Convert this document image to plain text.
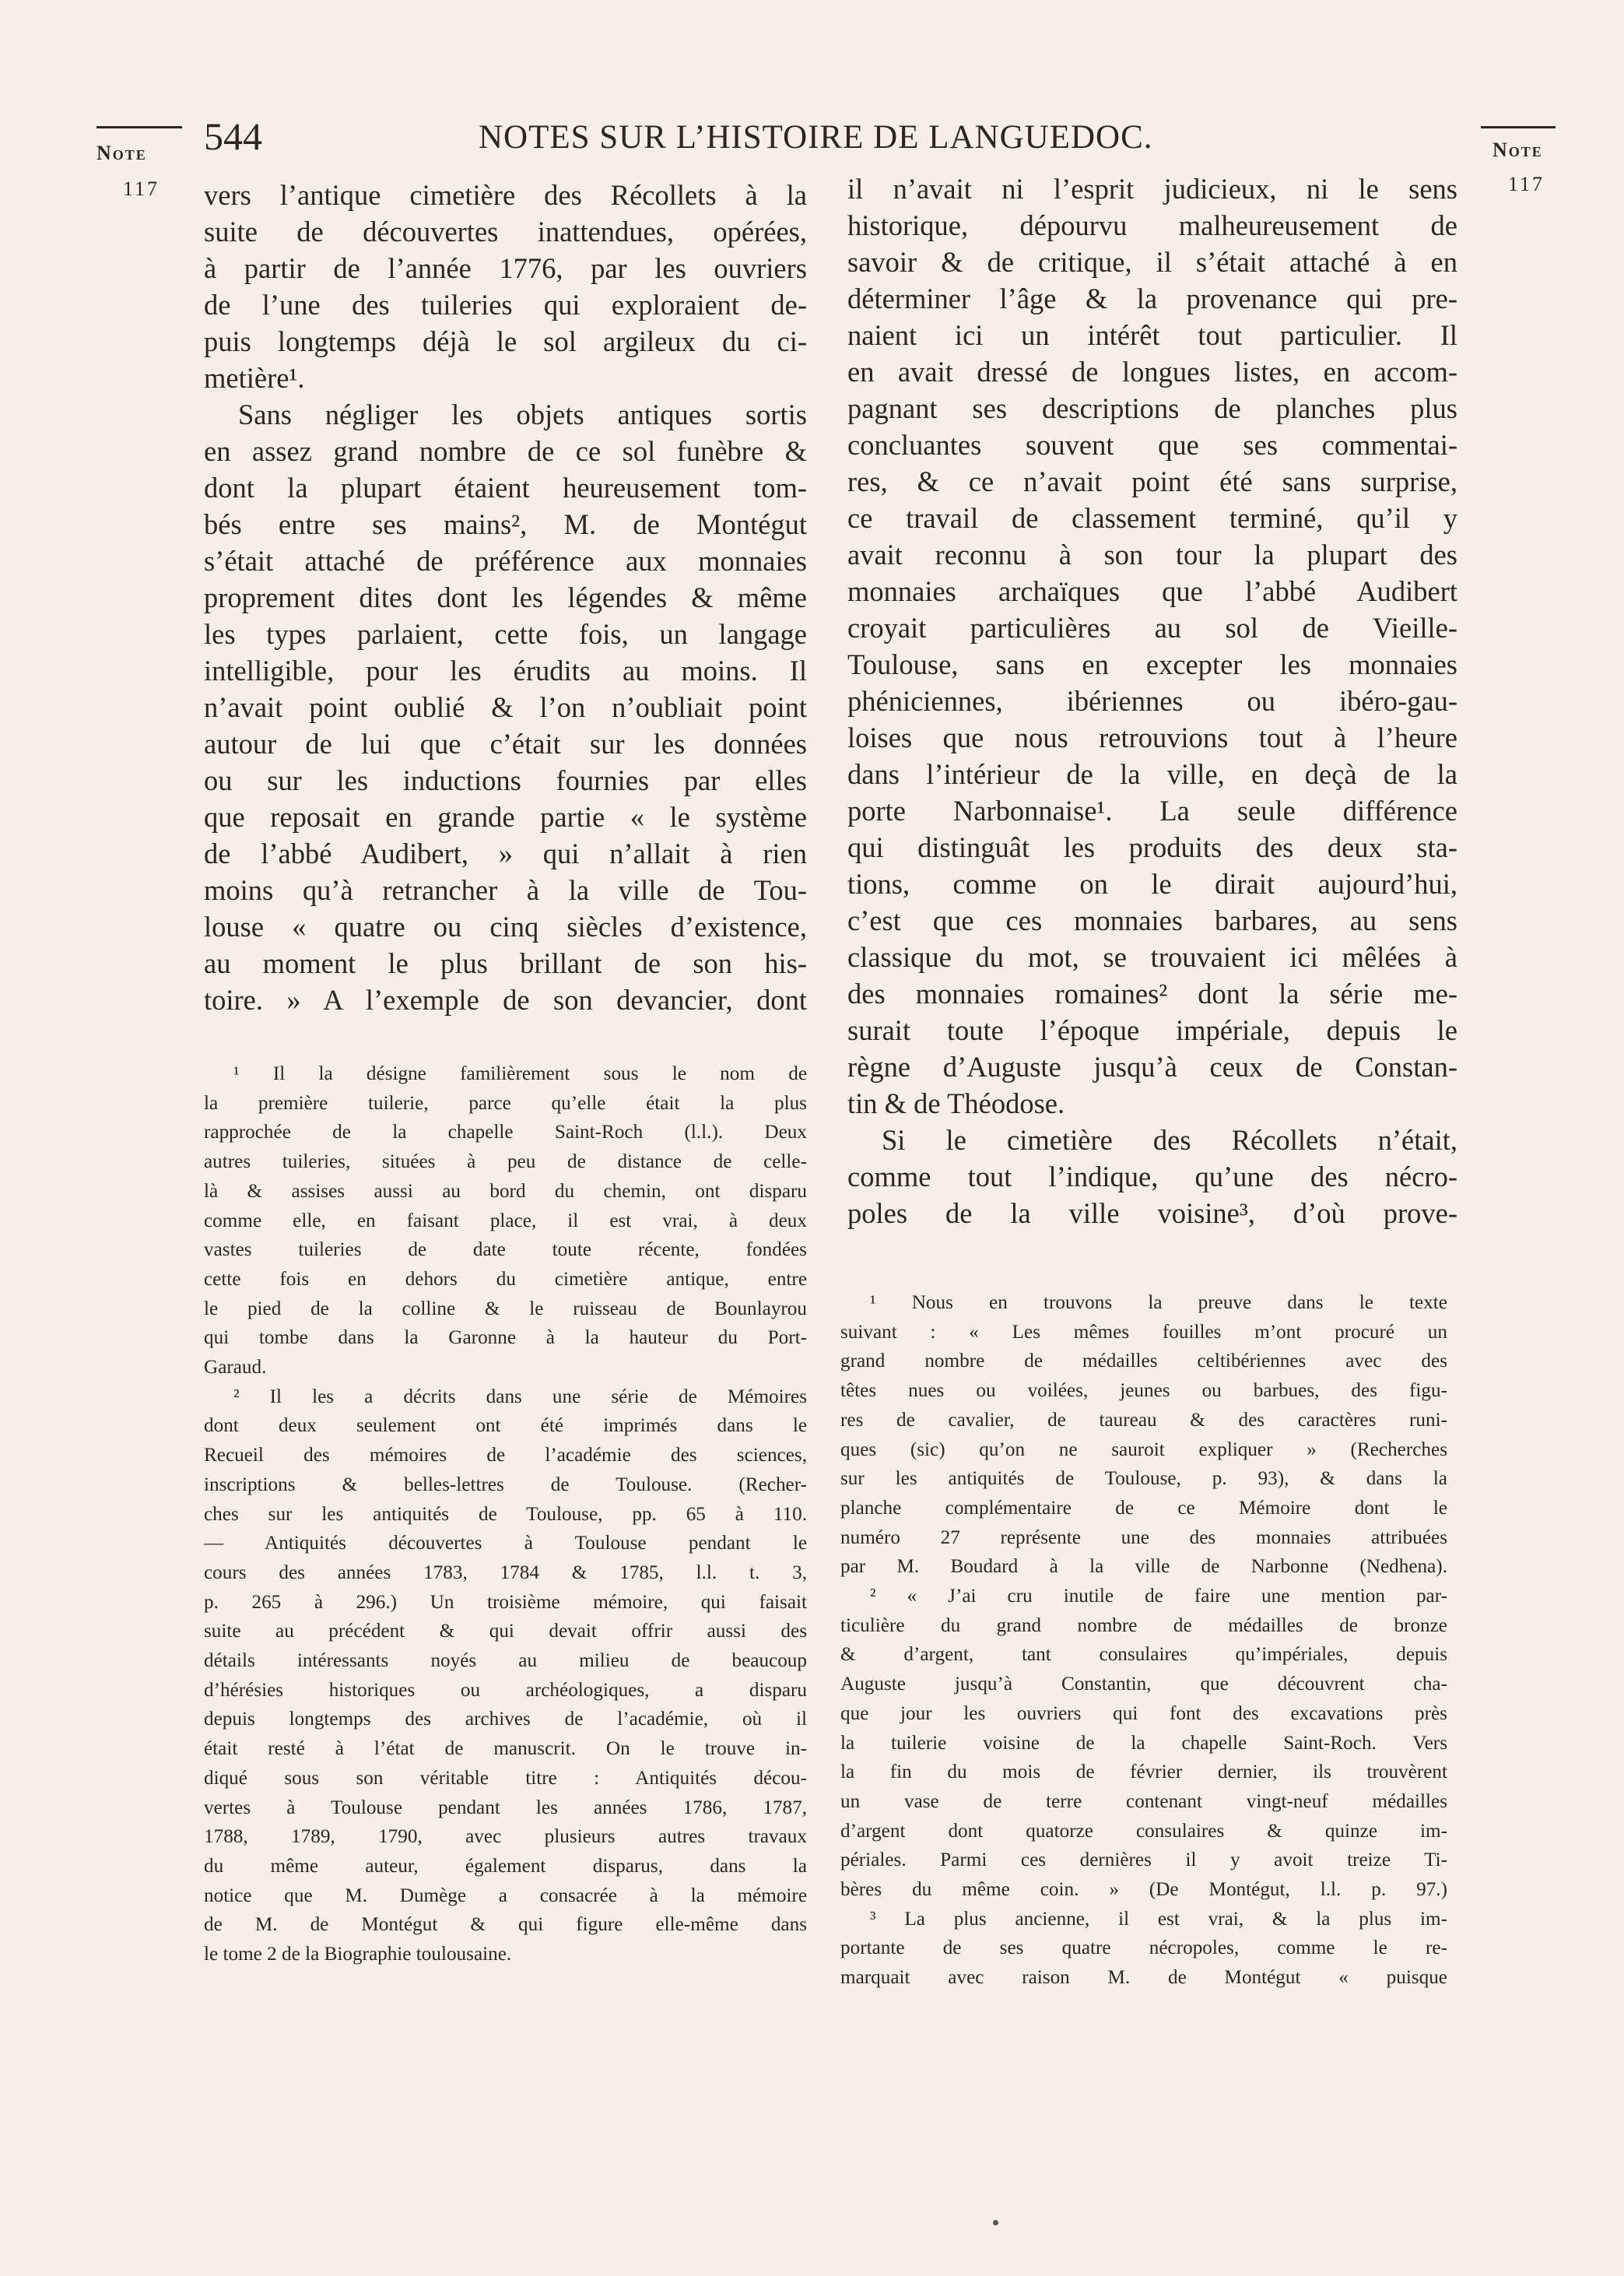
Note
117
544	NOTES SUR L’HISTOIRE DE LANGUEDOC.	Note
117

vers l’antique cimetière des Récollets à la

suite de découvertes inattendues, opérées,

à partir de l’année 1776, par les ouvriers

de l’une des tuileries qui exploraient de-

puis longtemps déjà le sol argileux du ci-

metière¹.

Sans négliger les objets antiques sortis

en assez grand nombre de ce sol funèbre &

dont la plupart étaient heureusement tom-

bés entre ses mains², M. de Montégut

s’était attaché de préférence aux monnaies

proprement dites dont les légendes & même

les types parlaient, cette fois, un langage

intelligible, pour les érudits au moins. Il

n’avait point oublié & l’on n’oubliait point

autour de lui que c’était sur les données

ou sur les inductions fournies par elles

que reposait en grande partie « le système

de l’abbé Audibert, » qui n’allait à rien

moins qu’à retrancher à la ville de Tou-

louse « quatre ou cinq siècles d’existence,

au moment le plus brillant de son his-

toire. » A l’exemple de son devancier, dont

il n’avait ni l’esprit judicieux, ni le sens

historique, dépourvu malheureusement de

savoir & de critique, il s’était attaché à en

déterminer l’âge & la provenance qui pre-

naient ici un intérêt tout particulier. Il

en avait dressé de longues listes, en accom-

pagnant ses descriptions de planches plus

concluantes souvent que ses commentai-

res, & ce n’avait point été sans surprise,

ce travail de classement terminé, qu’il y

avait reconnu à son tour la plupart des

monnaies archaïques que l’abbé Audibert

croyait particulières au sol de Vieille-

Toulouse, sans en excepter les monnaies

phéniciennes, ibériennes ou ibéro-gau-

loises que nous retrouvions tout à l’heure

dans l’intérieur de la ville, en deçà de la

porte Narbonnaise¹. La seule différence

qui distinguât les produits des deux sta-

tions, comme on le dirait aujourd’hui,

c’est que ces monnaies barbares, au sens

classique du mot, se trouvaient ici mêlées à

des monnaies romaines² dont la série me-

surait toute l’époque impériale, depuis le

règne d’Auguste jusqu’à ceux de Constan-

tin & de Théodose.

Si le cimetière des Récollets n’était,

comme tout l’indique, qu’une des nécro-

poles de la ville voisine³, d’où prove-

¹ Il la désigne familièrement sous le nom de

la première tuilerie, parce qu’elle était la plus

rapprochée de la chapelle Saint-Roch (l.l.). Deux

autres tuileries, situées à peu de distance de celle-

là & assises aussi au bord du chemin, ont disparu

comme elle, en faisant place, il est vrai, à deux

vastes tuileries de date toute récente, fondées

cette fois en dehors du cimetière antique, entre

le pied de la colline & le ruisseau de Bounlayrou

qui tombe dans la Garonne à la hauteur du Port-

Garaud.

² Il les a décrits dans une série de Mémoires

dont deux seulement ont été imprimés dans le

Recueil des mémoires de l’académie des sciences,

inscriptions & belles-lettres de Toulouse. (Recher-

ches sur les antiquités de Toulouse, pp. 65 à 110.

— Antiquités découvertes à Toulouse pendant le

cours des années 1783, 1784 & 1785, l.l. t. 3,

p. 265 à 296.) Un troisième mémoire, qui faisait

suite au précédent & qui devait offrir aussi des

détails intéressants noyés au milieu de beaucoup

d’hérésies historiques ou archéologiques, a disparu

depuis longtemps des archives de l’académie, où il

était resté à l’état de manuscrit. On le trouve in-

diqué sous son véritable titre : Antiquités décou-

vertes à Toulouse pendant les années 1786, 1787,

1788, 1789, 1790, avec plusieurs autres travaux

du même auteur, également disparus, dans la

notice que M. Dumège a consacrée à la mémoire

de M. de Montégut & qui figure elle-même dans

le tome 2 de la Biographie toulousaine.

¹ Nous en trouvons la preuve dans le texte

suivant : « Les mêmes fouilles m’ont procuré un

grand nombre de médailles celtibériennes avec des

têtes nues ou voilées, jeunes ou barbues, des figu-

res de cavalier, de taureau & des caractères runi-

ques (sic) qu’on ne sauroit expliquer » (Recherches

sur les antiquités de Toulouse, p. 93), & dans la

planche complémentaire de ce Mémoire dont le

numéro 27 représente une des monnaies attribuées

par M. Boudard à la ville de Narbonne (Nedhena).

² « J’ai cru inutile de faire une mention par-

ticulière du grand nombre de médailles de bronze

& d’argent, tant consulaires qu’impériales, depuis

Auguste jusqu’à Constantin, que découvrent cha-

que jour les ouvriers qui font des excavations près

la tuilerie voisine de la chapelle Saint-Roch. Vers

la fin du mois de février dernier, ils trouvèrent

un vase de terre contenant vingt-neuf médailles

d’argent dont quatorze consulaires & quinze im-

périales. Parmi ces dernières il y avoit treize Ti-

bères du même coin. » (De Montégut, l.l. p. 97.)

³ La plus ancienne, il est vrai, & la plus im-

portante de ses quatre nécropoles, comme le re-

marquait avec raison M. de Montégut « puisque
